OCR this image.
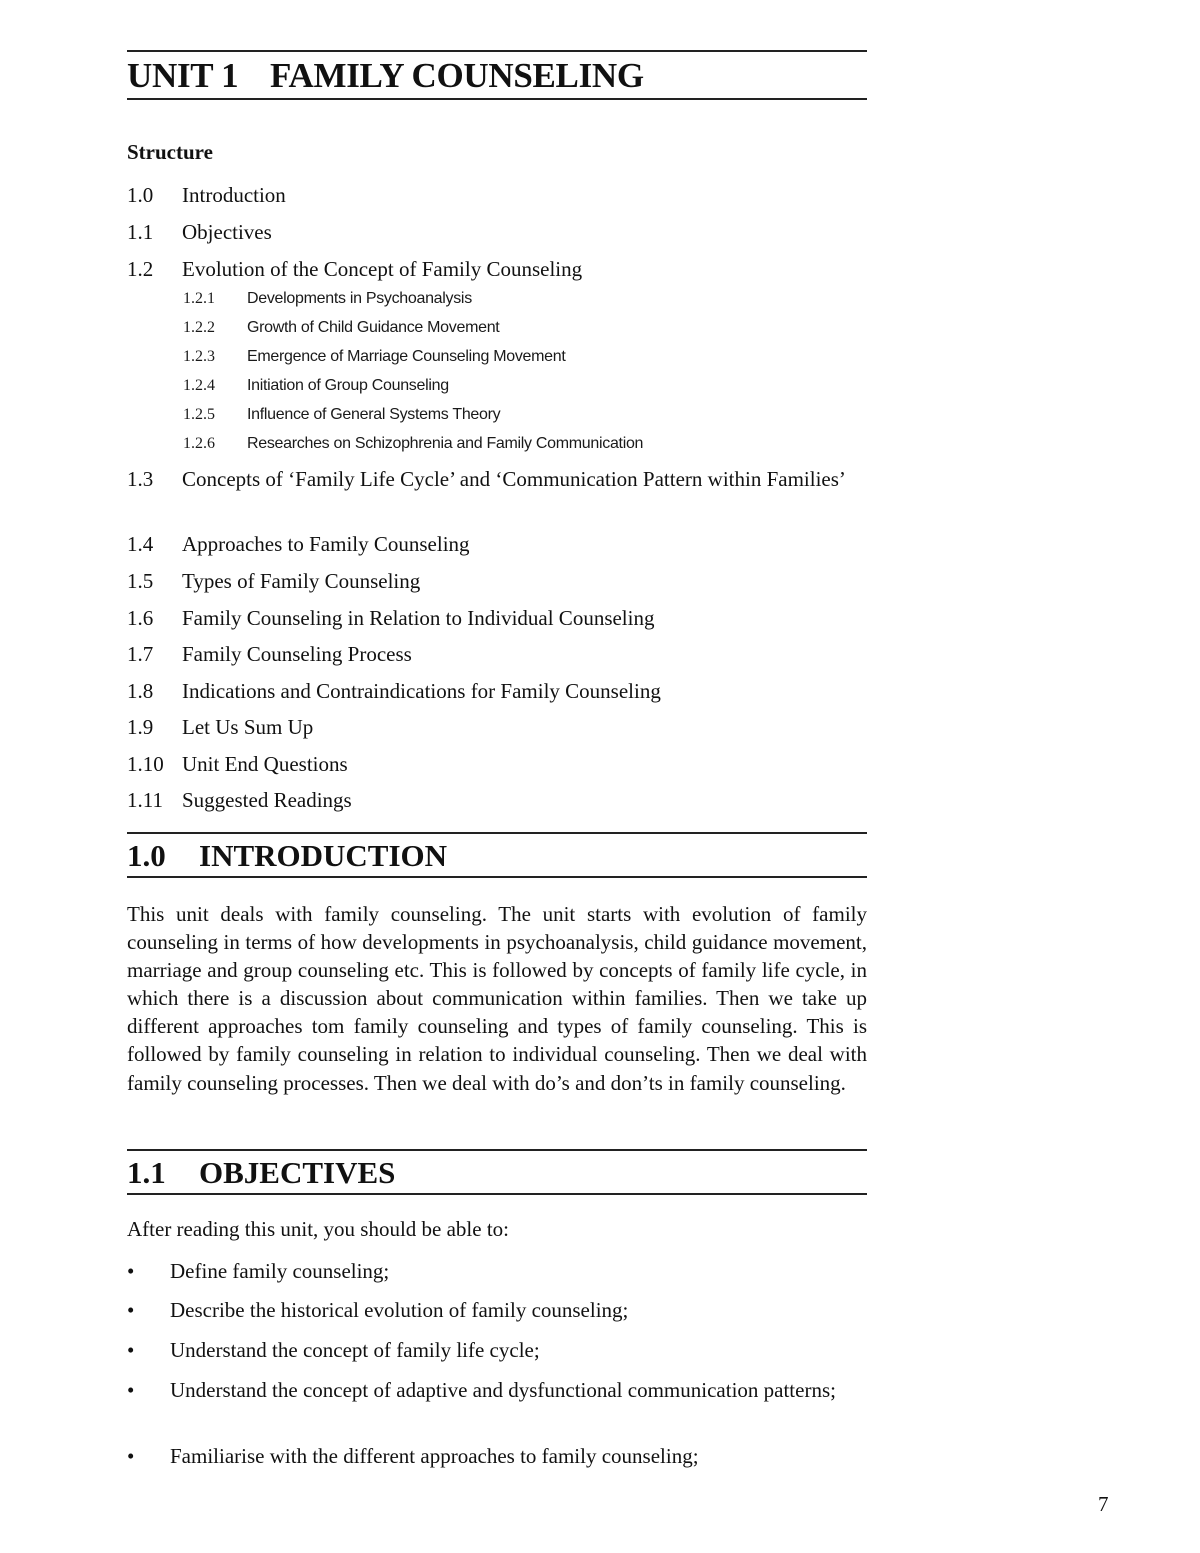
UNIT 1 FAMILY COUNSELING
Structure
1.0 Introduction
1.1 Objectives
1.2 Evolution of the Concept of Family Counseling
1.2.1 Developments in Psychoanalysis
1.2.2 Growth of Child Guidance Movement
1.2.3 Emergence of Marriage Counseling Movement
1.2.4 Initiation of Group Counseling
1.2.5 Influence of General Systems Theory
1.2.6 Researches on Schizophrenia and Family Communication
1.3 Concepts of ‘Family Life Cycle’ and ‘Communication Pattern within Families’
1.4 Approaches to Family Counseling
1.5 Types of Family Counseling
1.6 Family Counseling in Relation to Individual Counseling
1.7 Family Counseling Process
1.8 Indications and Contraindications for Family Counseling
1.9 Let Us Sum Up
1.10 Unit End Questions
1.11 Suggested Readings
1.0 INTRODUCTION

This unit deals with family counseling. The unit starts with evolution of family counseling in terms of how developments in psychoanalysis, child guidance movement, marriage and group counseling etc. This is followed by concepts of family life cycle, in which there is a discussion about communication within families. Then we take up different approaches tom family counseling and types of family counseling. This is followed by family counseling in relation to individual counseling. Then we deal with family counseling processes. Then we deal with do’s and don’ts in family counseling.

1.1 OBJECTIVES

After reading this unit, you should be able to:

• Define family counseling;
• Describe the historical evolution of family counseling;
• Understand the concept of family life cycle;
• Understand the concept of adaptive and dysfunctional communication patterns;
• Familiarise with the different approaches to family counseling;
7
